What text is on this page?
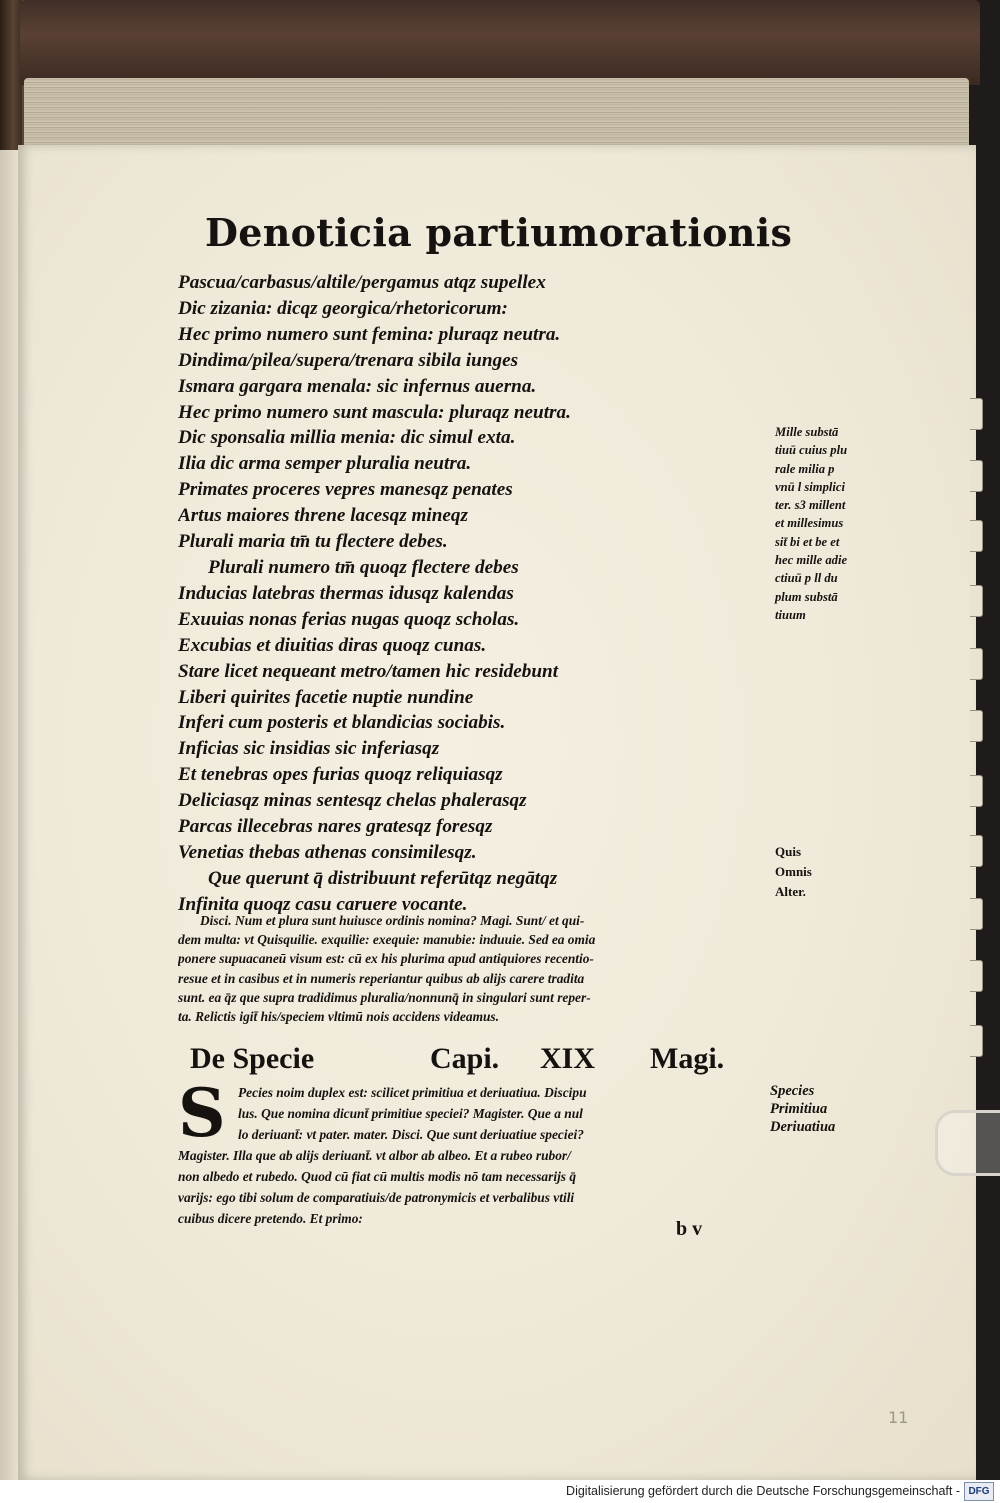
Denoticia partiumorationis
Pascua/carbasus/altile/pergamus atqz supellex
Dic zizania: dicqz georgica/rhetoricorum:
Hec primo numero sunt femina: pluraqz neutra.
Dindima/pilea/supera/trenara sibila iunges
Ismara gargara menala: sic infernus auerna.
Hec primo numero sunt mascula: pluraqz neutra.
Dic sponsalia millia menia: dic simul exta.
Ilia dic arma semper pluralia neutra.
Primates proceres vepres manesqz penates
Artus maiores threne lacesqz mineqz
Plurali maria tm̄ tu flectere debes.
Plurali numero tm̄ quoqz flectere debes
Inducias latebras thermas idusqz kalendas
Exuuias nonas ferias nugas quoqz scholas.
Excubias et diuitias diras quoqz cunas.
Stare licet nequeant metro/tamen hic residebunt
Liberi quirites facetie nuptie nundine
Inferi cum posteris et blandicias sociabis.
Inficias sic insidias sic inferiasqz
Et tenebras opes furias quoqz reliquiasqz
Deliciasqz minas sentesqz chelas phalerasqz
Parcas illecebras nares gratesqz foresqz
Venetias thebas athenas consimilesqz.
Que querunt q̄ distribuunt referūtqz negātqz
Infinita quoqz casu caruere vocante.
Disci. Num et plura sunt huiusce ordinis nomina? Magi. Sunt/ et qui-
dem multa: vt Quisquilie. exquilie: exequie: manubie: induuie. Sed ea omia
ponere supuacaneū visum est: cū ex his plurima apud antiquiores recentio-
resue et in casibus et in numeris reperiantur quibus ab alijs carere tradita
sunt. ea q̄z que supra tradidimus pluralia/nonnunq̄ in singulari sunt reper-
ta. Relictis igit̄ his/speciem vltimū nois accidens videamus.
De Specie	Capi. XIX Magi.
S Pecies noim duplex est: scilicet primitiua et deriuatiua. Discipu
lus. Que nomina dicunt̄ primitiue speciei? Magister. Que a nul
lo deriuant̄: vt pater. mater. Disci. Que sunt deriuatiue speciei?
Magister. Illa que ab alijs deriuant̄. vt albor ab albeo. Et a rubeo rubor/
non albedo et rubedo. Quod cū fiat cū multis modis nō tam necessarijs q̄
varijs: ego tibi solum de comparatiuis/de patronymicis et verbalibus vtili
cuibus dicere pretendo. Et primo:	b v
Mille substā
tiuū cuius plu
rale milia p
vnū l simplici
ter. s3 millent
et millesimus
sit̄ bi et be et
hec mille adie
ctiuū p ll du
plum substā
tiuum
Quis
Omnis
Alter.
Species
Primitiua
Deriuatiua
11
Digitalisierung gefördert durch die Deutsche Forschungsgemeinschaft - DFG
